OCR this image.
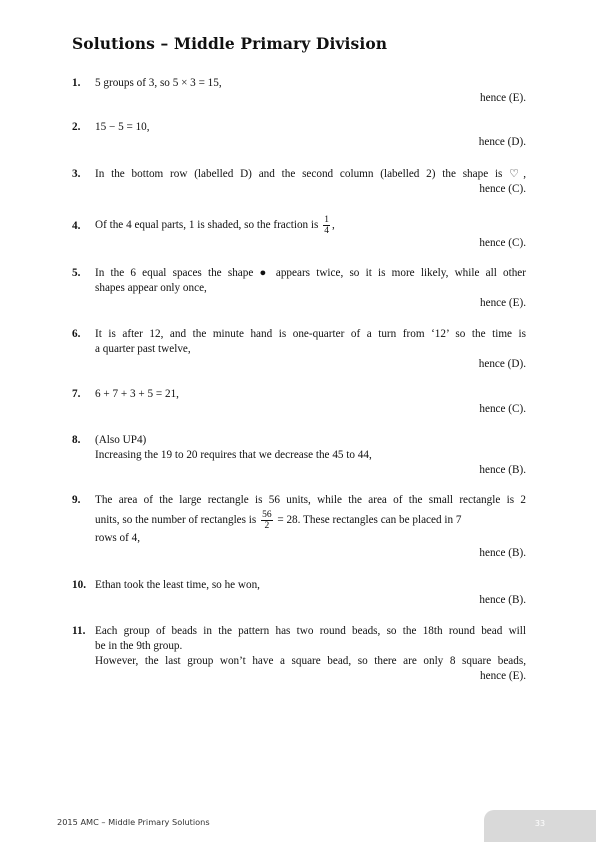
Solutions – Middle Primary Division
1. 5 groups of 3, so 5 × 3 = 15,
hence (E).
2. 15 − 5 = 10,
hence (D).
3. In the bottom row (labelled D) and the second column (labelled 2) the shape is ♡,
hence (C).
4. Of the 4 equal parts, 1 is shaded, so the fraction is $\frac{1}{4}$ ,
hence (C).
5. In the 6 equal spaces the shape ● appears twice, so it is more likely, while all other
shapes appear only once,
hence (E).
6. It is after 12, and the minute hand is one-quarter of a turn from ‘12’ so the time is
a quarter past twelve,
hence (D).
7. 6 + 7 + 3 + 5 = 21,
hence (C).
8. (Also UP4)
Increasing the 19 to 20 requires that we decrease the 45 to 44,
hence (B).
9. The area of the large rectangle is 56 units, while the area of the small rectangle is 2
units, so the number of rectangles is $\frac{56}{2} = 28$. These rectangles can be placed in 7
rows of 4,
hence (B).
10. Ethan took the least time, so he won,
hence (B).
11. Each group of beads in the pattern has two round beads, so the 18th round bead will
be in the 9th group.
However, the last group won’t have a square bead, so there are only 8 square beads,
hence (E).
2015 AMC – Middle Primary Solutions	33
